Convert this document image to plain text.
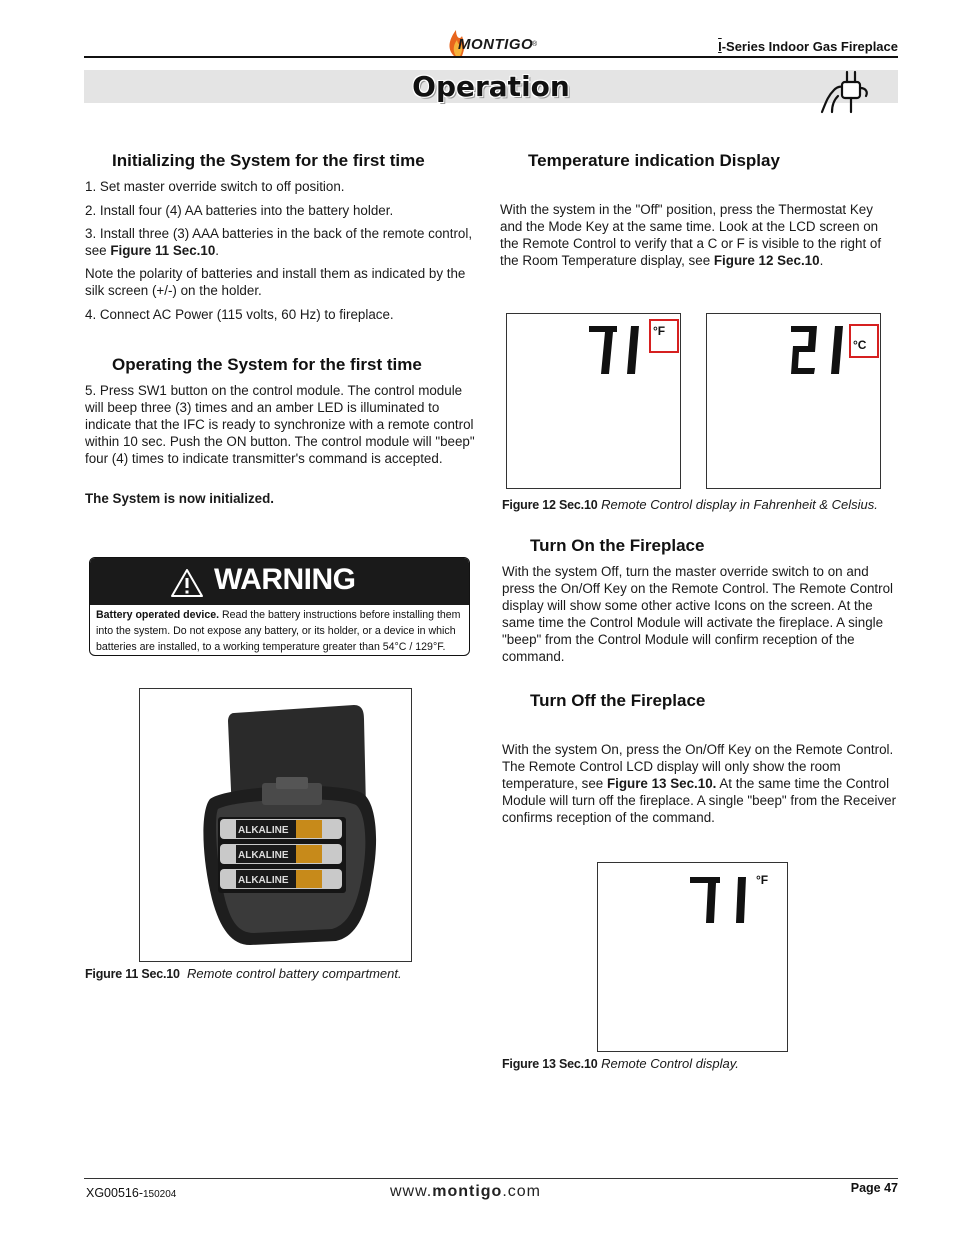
MONTIGO
®	I-Series Indoor Gas Fireplace
Operation
Initializing the System for the first time
1. Set master override switch to off position.
2. Install four (4) AA batteries into the battery holder.
3. Install three (3) AAA batteries in the back of the remote control, see Figure 11 Sec.10.
Note the polarity of batteries and install them as indicated by the silk screen (+/-) on the holder.
4. Connect AC Power (115 volts, 60 Hz) to fireplace.
Operating the System for the first time
5. Press SW1 button on the control module. The control module will beep three (3) times and an amber LED is illuminated to indicate that the IFC is ready to synchronize with a remote control within 10 sec. Push the ON button. The control module will "beep" four (4) times to indicate transmitter's command is accepted.
The System is now initialized.
WARNING
Battery operated device. Read the battery instructions before installing them into the system. Do not expose any battery, or its holder, or a device in which batteries are installed, to a working temperature greater than 54°C / 129°F.
ALKALINE
ALKALINE
ALKALINE
Figure 11 Sec.10 Remote control battery compartment.
Temperature indication Display
With the system in the "Off" position, press the Thermostat Key and the Mode Key at the same time. Look at the LCD screen on the Remote Control to verify that a C or F is visible to the right of the Room Temperature display, see Figure 12 Sec.10.
°F
°C
Figure 12 Sec.10 Remote Control display in Fahrenheit & Celsius.
Turn On the Fireplace
With the system Off, turn the master override switch to on and press the On/Off Key on the Remote Control. The Remote Control display will show some other active Icons on the screen. At the same time the Control Module will activate the fireplace. A single "beep" from the Control Module will confirm reception of the command.
Turn Off the Fireplace
With the system On, press the On/Off Key on the Remote Control. The Remote Control LCD display will only show the room temperature, see Figure 13 Sec.10. At the same time the Control Module will turn off the fireplace. A single "beep" from the Receiver confirms reception of the command.
°F
Figure 13 Sec.10 Remote Control display.
XG00516-150204	www.montigo.com	Page 47
